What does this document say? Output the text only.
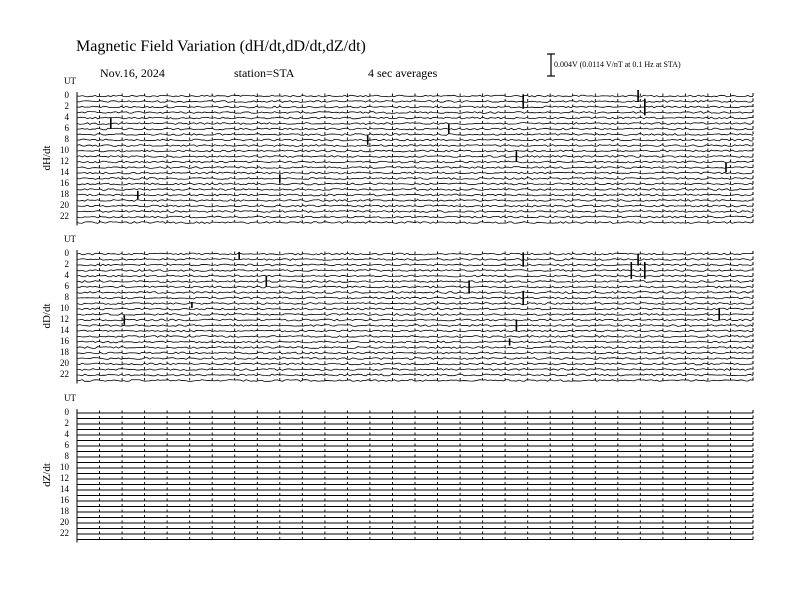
Magnetic Field Variation (dH/dt,dD/dt,dZ/dt)
Nov.16, 2024	station=STA	4 sec averages
0.004V (0.0114 V/nT at 0.1 Hz at STA)
UT
dH/dt
0
2
4
6
8
10
12
14
16
18
20
22
UT
dD/dt
0
2
4
6
8
10
12
14
16
18
20
22
UT
dZ/dt
0
2
4
6
8
10
12
14
16
18
20
22
